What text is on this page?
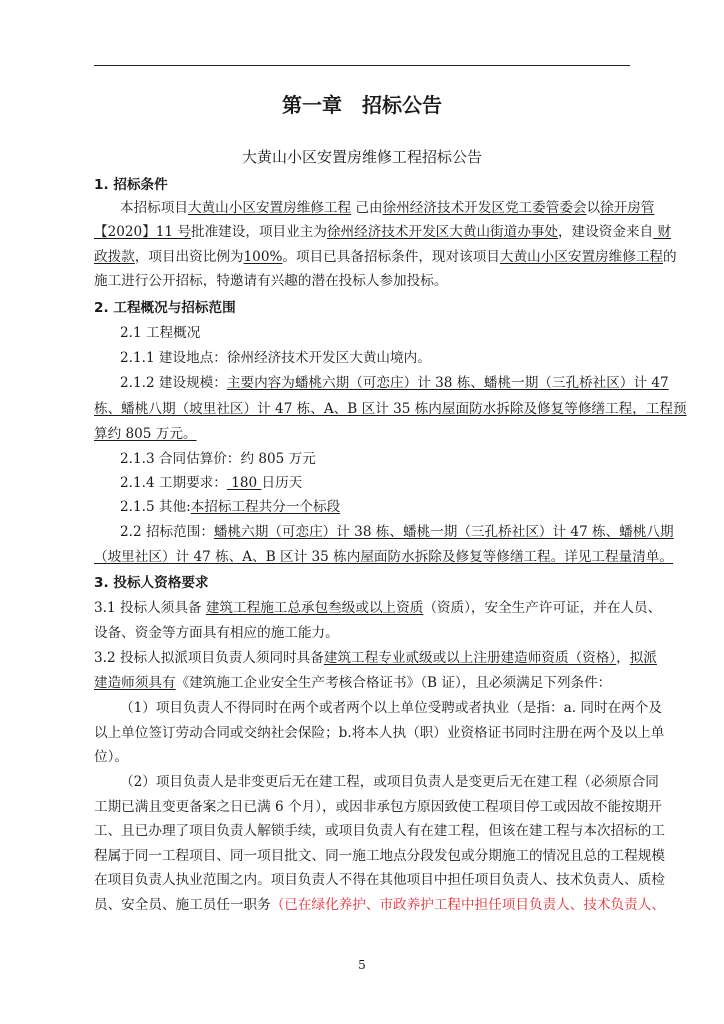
第一章　招标公告
大黄山小区安置房维修工程招标公告
1. 招标条件
本招标项目大黄山小区安置房维修工程 己由徐州经济技术开发区党工委管委会以徐开房管
【2020】11 号批准建设，项目业主为徐州经济技术开发区大黄山街道办事处，建设资金来自 财
政拨款，项目出资比例为100%。项目已具备招标条件，现对该项目大黄山小区安置房维修工程的
施工进行公开招标，特邀请有兴趣的潜在投标人参加投标。
2. 工程概况与招标范围
2.1 工程概况
2.1.1 建设地点：徐州经济技术开发区大黄山境内。
2.1.2 建设规模：主要内容为蟠桃六期（可恋庄）计 38 栋、蟠桃一期（三孔桥社区）计 47
栋、蟠桃八期（坡里社区）计 47 栋、A、B 区计 35 栋内屋面防水拆除及修复等修缮工程，工程预
算约 805 万元。
2.1.3 合同估算价：约 805 万元
2.1.4 工期要求： 180 日历天
2.1.5 其他:本招标工程共分一个标段
2.2 招标范围：蟠桃六期（可恋庄）计 38 栋、蟠桃一期（三孔桥社区）计 47 栋、蟠桃八期
（坡里社区）计 47 栋、A、B 区计 35 栋内屋面防水拆除及修复等修缮工程。详见工程量清单。
3. 投标人资格要求
3.1 投标人须具备 建筑工程施工总承包叁级或以上资质（资质），安全生产许可证，并在人员、
设备、资金等方面具有相应的施工能力。
3.2 投标人拟派项目负责人须同时具备建筑工程专业贰级或以上注册建造师资质（资格），拟派
建造师须具有《建筑施工企业安全生产考核合格证书》（B 证），且必须满足下列条件：
（1）项目负责人不得同时在两个或者两个以上单位受聘或者执业（是指：a. 同时在两个及
以上单位签订劳动合同或交纳社会保险；b.将本人执（职）业资格证书同时注册在两个及以上单
位）。
（2）项目负责人是非变更后无在建工程，或项目负责人是变更后无在建工程（必须原合同
工期已满且变更备案之日已满 6 个月），或因非承包方原因致使工程项目停工或因故不能按期开
工、且已办理了项目负责人解锁手续，或项目负责人有在建工程，但该在建工程与本次招标的工
程属于同一工程项目、同一项目批文、同一施工地点分段发包或分期施工的情况且总的工程规模
在项目负责人执业范围之内。项目负责人不得在其他项目中担任项目负责人、技术负责人、质检
员、安全员、施工员任一职务（已在绿化养护、市政养护工程中担任项目负责人、技术负责人、
5
